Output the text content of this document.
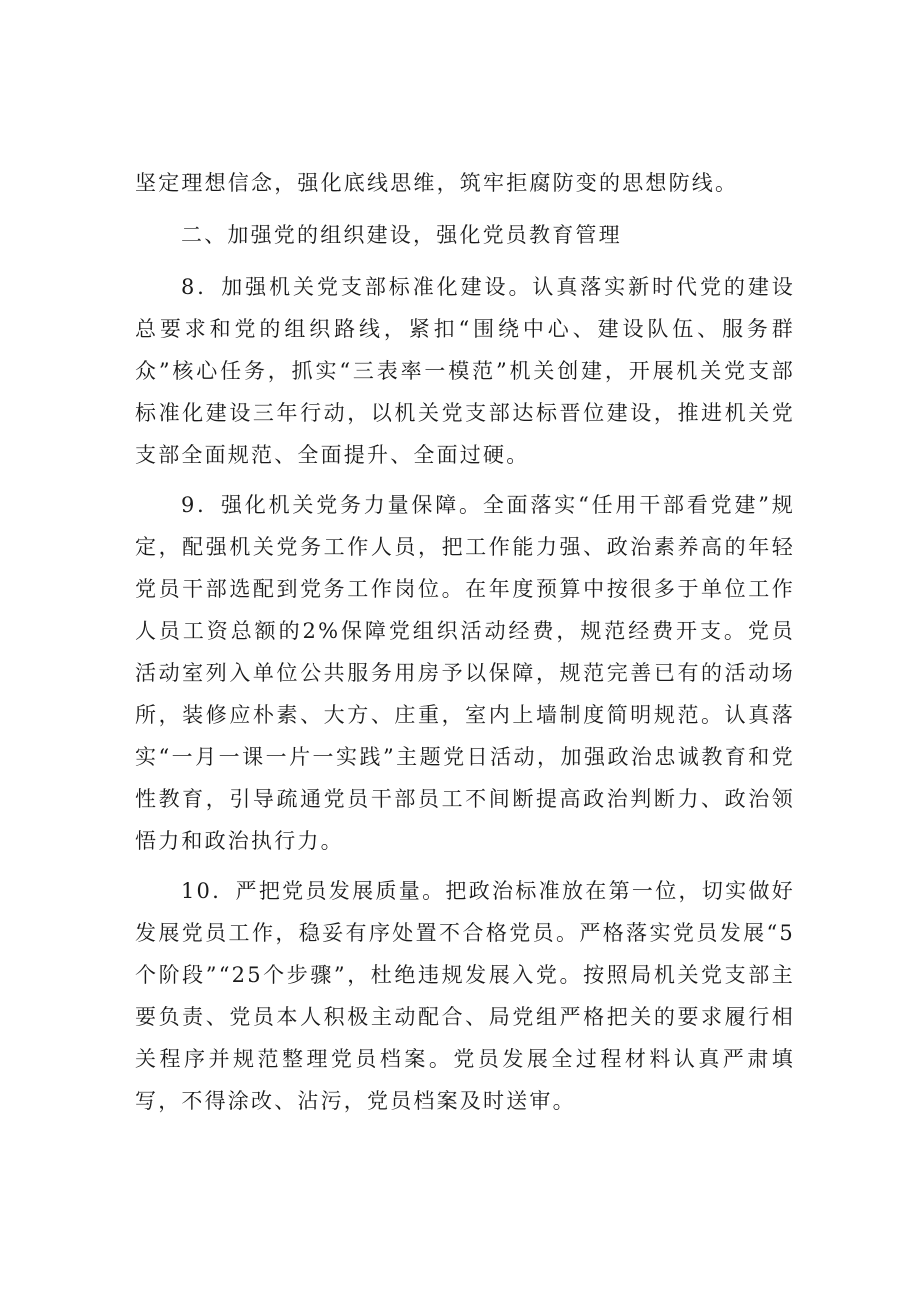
坚定理想信念，强化底线思维，筑牢拒腐防变的思想防线。

二、加强党的组织建设，强化党员教育管理

8．加强机关党支部标准化建设。认真落实新时代党的建设总要求和党的组织路线，紧扣“围绕中心、建设队伍、服务群众”核心任务，抓实“三表率一模范”机关创建，开展机关党支部标准化建设三年行动，以机关党支部达标晋位建设，推进机关党支部全面规范、全面提升、全面过硬。

9．强化机关党务力量保障。全面落实“任用干部看党建”规定，配强机关党务工作人员，把工作能力强、政治素养高的年轻党员干部选配到党务工作岗位。在年度预算中按很多于单位工作人员工资总额的2%保障党组织活动经费，规范经费开支。党员活动室列入单位公共服务用房予以保障，规范完善已有的活动场所，装修应朴素、大方、庄重，室内上墙制度简明规范。认真落实“一月一课一片一实践”主题党日活动，加强政治忠诚教育和党性教育，引导疏通党员干部员工不间断提高政治判断力、政治领悟力和政治执行力。

10．严把党员发展质量。把政治标准放在第一位，切实做好发展党员工作，稳妥有序处置不合格党员。严格落实党员发展“5个阶段”“25个步骤”，杜绝违规发展入党。按照局机关党支部主要负责、党员本人积极主动配合、局党组严格把关的要求履行相关程序并规范整理党员档案。党员发展全过程材料认真严肃填写，不得涂改、沾污，党员档案及时送审。
